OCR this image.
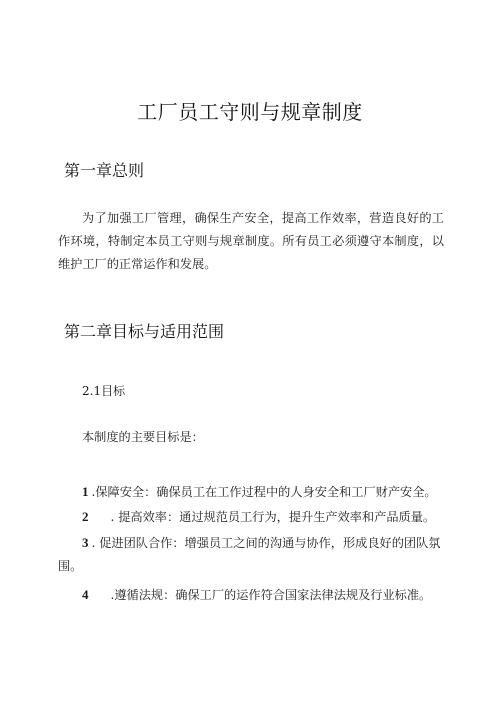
工厂员工守则与规章制度
第一章总则
为了加强工厂管理，确保生产安全，提高工作效率，营造良好的工作环境，特制定本员工守则与规章制度。所有员工必须遵守本制度，以维护工厂的正常运作和发展。
第二章目标与适用范围
2.1目标
本制度的主要目标是：
1 .保障安全：确保员工在工作过程中的人身安全和工厂财产安全。
2 . 提高效率：通过规范员工行为，提升生产效率和产品质量。
3 . 促进团队合作：增强员工之间的沟通与协作，形成良好的团队氛
围。
4 .遵循法规：确保工厂的运作符合国家法律法规及行业标准。
